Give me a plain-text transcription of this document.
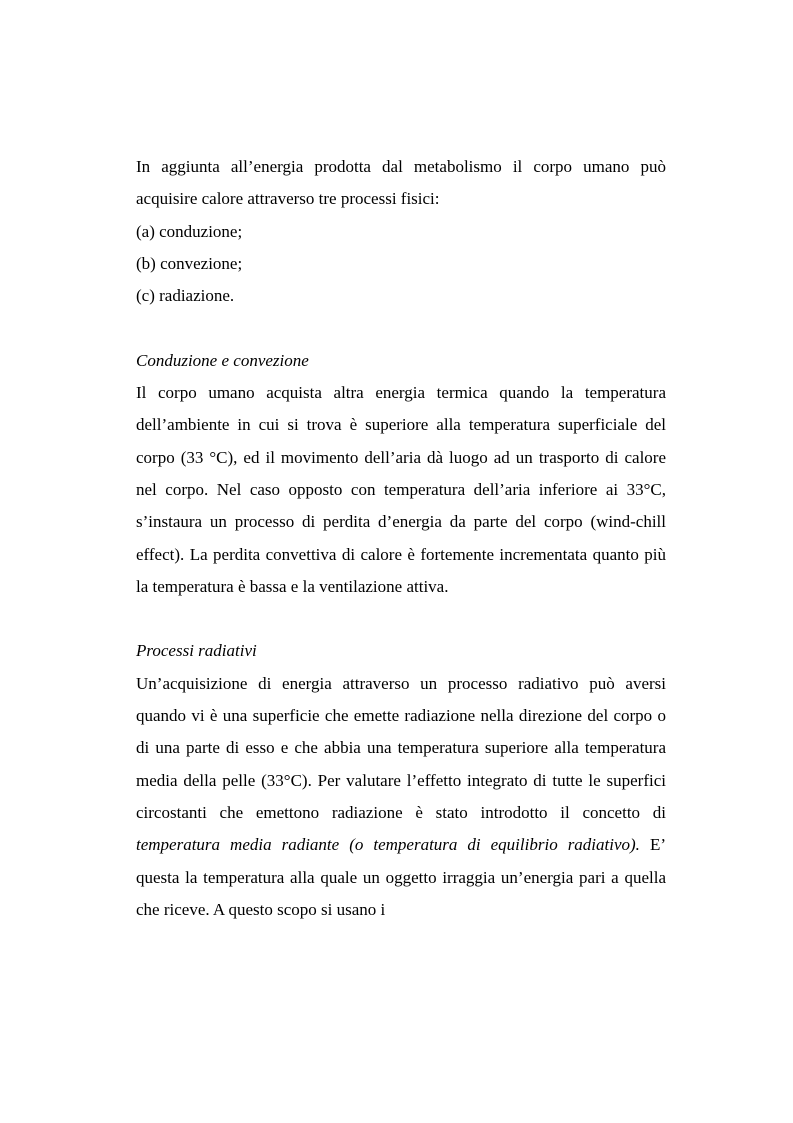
In aggiunta all’energia prodotta dal metabolismo il corpo umano può acquisire calore attraverso tre processi fisici:

(a) conduzione;

(b) convezione;

(c) radiazione.

Conduzione e convezione

Il corpo umano acquista altra energia termica quando la temperatura dell’ambiente in cui si trova è superiore alla temperatura superficiale del corpo (33 °C), ed il movimento dell’aria dà luogo ad un trasporto di calore nel corpo. Nel caso opposto con temperatura dell’aria inferiore ai 33°C, s’instaura un processo di perdita d’energia da parte del corpo (wind-chill effect). La perdita convettiva di calore è fortemente incrementata quanto più la temperatura è bassa e la ventilazione attiva.

Processi radiativi

Un’acquisizione di energia attraverso un processo radiativo può aversi quando vi è una superficie che emette radiazione nella direzione del corpo o di una parte di esso e che abbia una temperatura superiore alla temperatura media della pelle (33°C). Per valutare l’effetto integrato di tutte le superfici circostanti che emettono radiazione è stato introdotto il concetto di temperatura media radiante (o temperatura di equilibrio radiativo). E’ questa la temperatura alla quale un oggetto irraggia un’energia pari a quella che riceve. A questo scopo si usano i
